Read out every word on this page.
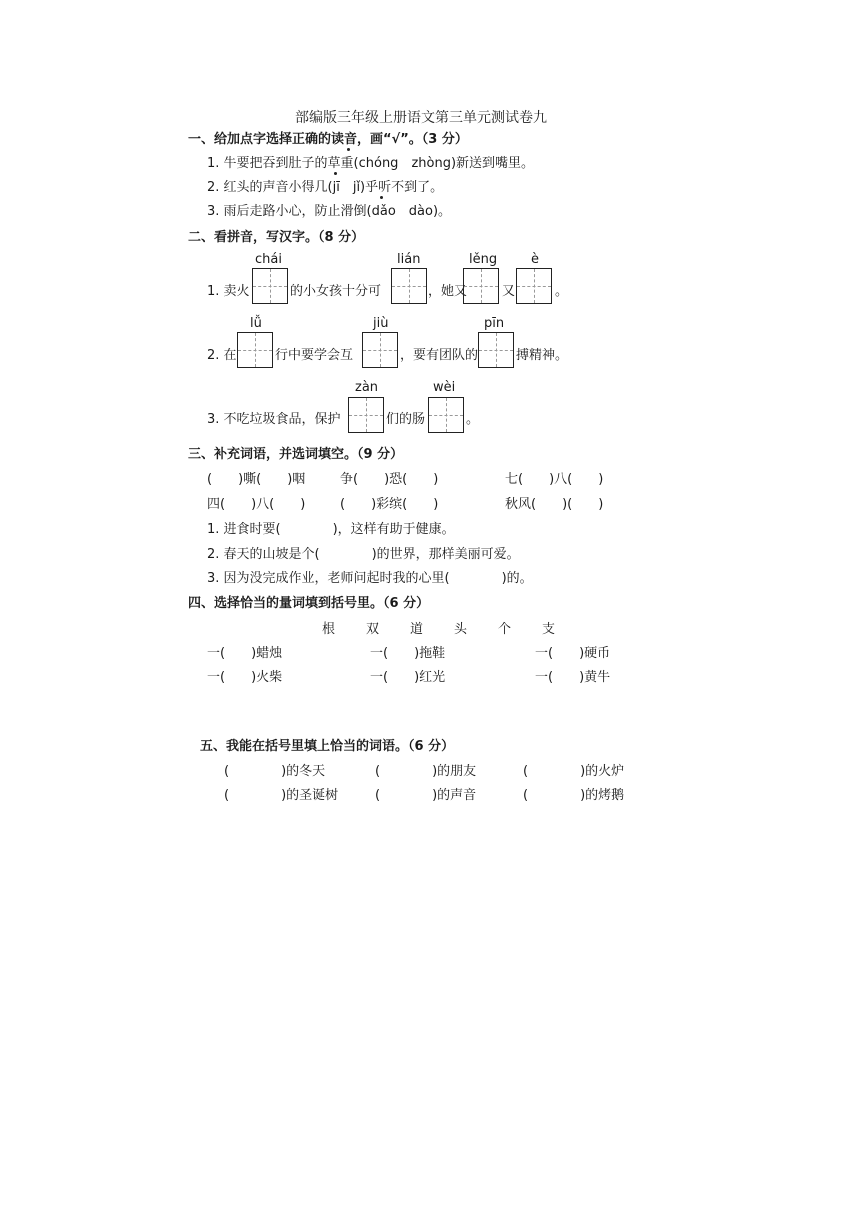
部编版三年级上册语文第三单元测试卷九
一、给加点字选择正确的读音，画“√”。（3 分）
1. 牛要把吞到肚子的草重(chóng　zhòng)新送到嘴里。
2. 红头的声音小得几(jī　jǐ)乎听不到了。
3. 雨后走路小心，防止滑倒(dǎo　dào)。
二、看拼音，写汉字。（8 分）
chái	lián	lěng	è
1. 卖火	的小女孩十分可	，她又	又	。
lǚ	jiù	pīn
2. 在	行中要学会互	，要有团队的	搏精神。
zàn	wèi
3. 不吃垃圾食品，保护	们的肠	。
三、补充词语，并选词填空。（9 分）
(　　)嘶(　　)咽	争(　　)恐(　　)	七(　　)八(　　)
四(　　)八(　　)	(　　)彩缤(　　)	秋风(　　)(　　)
1. 进食时要(　　　　)，这样有助于健康。
2. 春天的山坡是个(　　　　)的世界，那样美丽可爱。
3. 因为没完成作业，老师问起时我的心里(　　　　)的。
四、选择恰当的量词填到括号里。（6 分）
根 双 道 头 个 支
一(　　)蜡烛	一(　　)拖鞋	一(　　)硬币
一(　　)火柴	一(　　)红光	一(　　)黄牛
五、我能在括号里填上恰当的词语。（6 分）
(　　　　)的冬天	(　　　　)的朋友	(　　　　)的火炉
(　　　　)的圣诞树	(　　　　)的声音	(　　　　)的烤鹅
